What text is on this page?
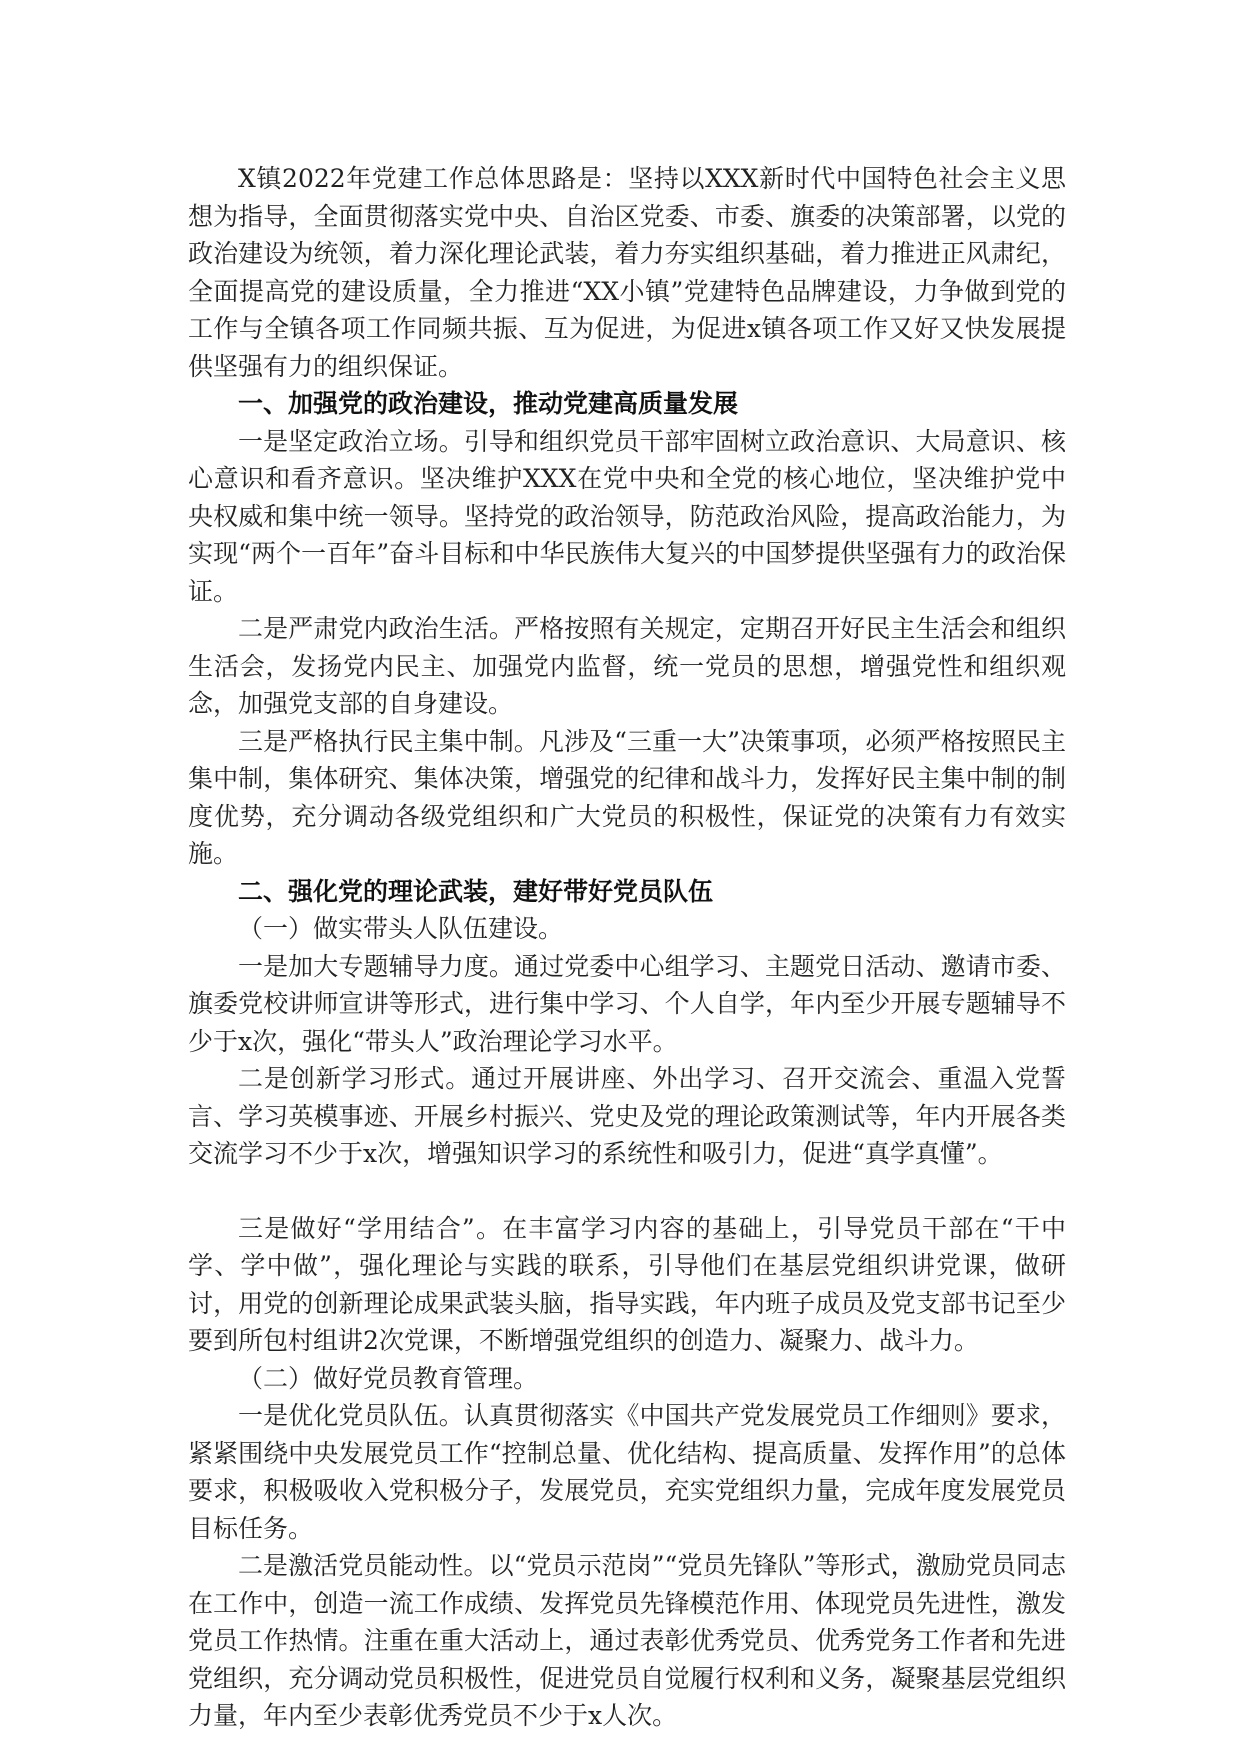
X镇2022年党建工作总体思路是：坚持以XXX新时代中国特色社会主义思想为指导，全面贯彻落实党中央、自治区党委、市委、旗委的决策部署，以党的政治建设为统领，着力深化理论武装，着力夯实组织基础，着力推进正风肃纪，全面提高党的建设质量，全力推进“XX小镇”党建特色品牌建设，力争做到党的工作与全镇各项工作同频共振、互为促进，为促进x镇各项工作又好又快发展提供坚强有力的组织保证。

一、加强党的政治建设，推动党建高质量发展

一是坚定政治立场。引导和组织党员干部牢固树立政治意识、大局意识、核心意识和看齐意识。坚决维护XXX在党中央和全党的核心地位，坚决维护党中央权威和集中统一领导。坚持党的政治领导，防范政治风险，提高政治能力，为实现“两个一百年”奋斗目标和中华民族伟大复兴的中国梦提供坚强有力的政治保证。

二是严肃党内政治生活。严格按照有关规定，定期召开好民主生活会和组织生活会，发扬党内民主、加强党内监督，统一党员的思想，增强党性和组织观念，加强党支部的自身建设。

三是严格执行民主集中制。凡涉及“三重一大”决策事项，必须严格按照民主集中制，集体研究、集体决策，增强党的纪律和战斗力，发挥好民主集中制的制度优势，充分调动各级党组织和广大党员的积极性，保证党的决策有力有效实施。

二、强化党的理论武装，建好带好党员队伍

（一）做实带头人队伍建设。

一是加大专题辅导力度。通过党委中心组学习、主题党日活动、邀请市委、旗委党校讲师宣讲等形式，进行集中学习、个人自学，年内至少开展专题辅导不少于x次，强化“带头人”政治理论学习水平。

二是创新学习形式。通过开展讲座、外出学习、召开交流会、重温入党誓言、学习英模事迹、开展乡村振兴、党史及党的理论政策测试等，年内开展各类交流学习不少于x次，增强知识学习的系统性和吸引力，促进“真学真懂”。

三是做好“学用结合”。在丰富学习内容的基础上，引导党员干部在“干中学、学中做”，强化理论与实践的联系，引导他们在基层党组织讲党课，做研讨，用党的创新理论成果武装头脑，指导实践，年内班子成员及党支部书记至少要到所包村组讲2次党课，不断增强党组织的创造力、凝聚力、战斗力。

（二）做好党员教育管理。

一是优化党员队伍。认真贯彻落实《中国共产党发展党员工作细则》要求，紧紧围绕中央发展党员工作“控制总量、优化结构、提高质量、发挥作用”的总体要求，积极吸收入党积极分子，发展党员，充实党组织力量，完成年度发展党员目标任务。

二是激活党员能动性。以“党员示范岗”“党员先锋队”等形式，激励党员同志在工作中，创造一流工作成绩、发挥党员先锋模范作用、体现党员先进性，激发党员工作热情。注重在重大活动上，通过表彰优秀党员、优秀党务工作者和先进党组织，充分调动党员积极性，促进党员自觉履行权利和义务，凝聚基层党组织力量，年内至少表彰优秀党员不少于x人次。
